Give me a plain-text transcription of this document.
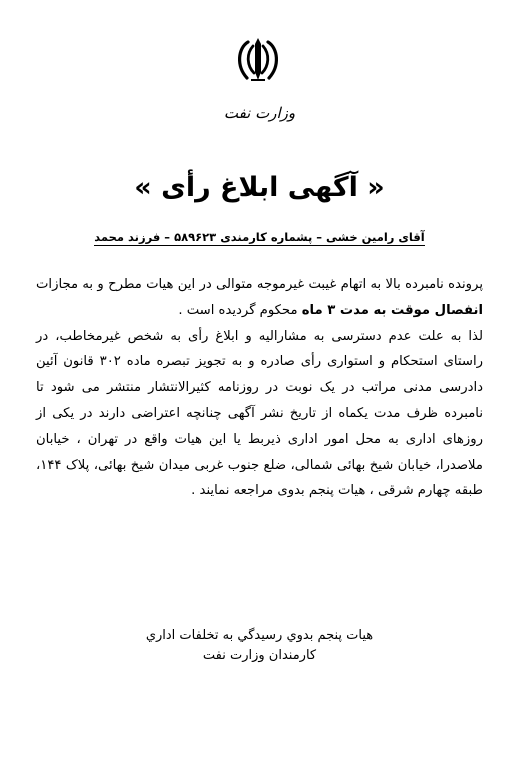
وزارت نفت
« آگهی ابلاغ رأی »
آقای رامین خشی – پشماره کارمندی ۵۸۹۶۲۳ – فرزند محمد

پرونده نامبرده بالا به اتهام غیبت غیرموجه متوالی در این هیات مطرح و به مجازات انفصال موقت به مدت ۳ ماه محکوم گردیده است .

لذا به علت عدم دسترسی به مشارالیه و ابلاغ رأی به شخص غیرمخاطب، در راستای استحکام و استواری رأی صادره و به تجویز تبصره ماده ۳۰۲ قانون آئین دادرسی مدنی مراتب در یک نوبت در روزنامه کثیرالانتشار منتشر می شود تا نامبرده ظرف مدت یکماه از تاریخ نشر آگهی چنانچه اعتراضی دارند در یکی از روزهای اداری به محل امور اداری ذیربط یا این هیات واقع در تهران ، خیابان ملاصدرا، خیابان شیخ بهائی شمالی، ضلع جنوب غربی میدان شیخ بهائی، پلاک ۱۴۴، طبقه چهارم شرقی ، هیات پنجم بدوی مراجعه نمایند .

هيات پنجم بدوي رسيدگي به تخلفات اداري
كارمندان وزارت نفت
